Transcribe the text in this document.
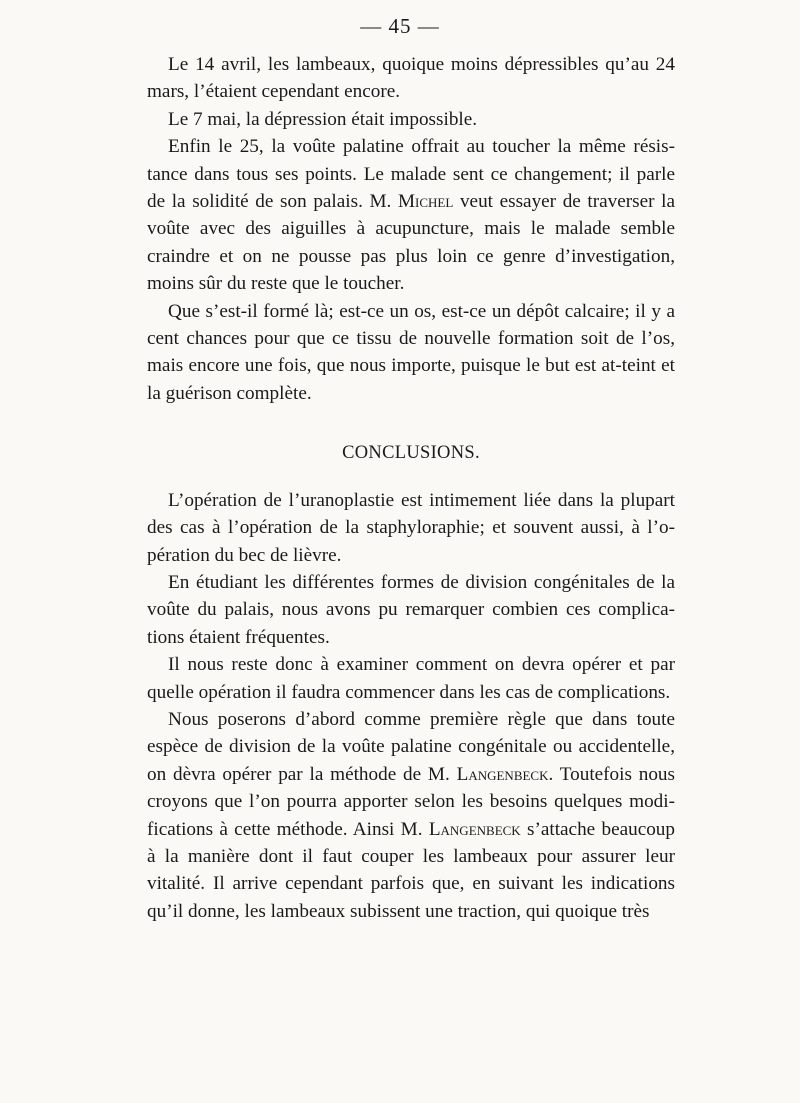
— 45 —

Le 14 avril, les lambeaux, quoique moins dépressibles qu’au 24 mars, l’étaient cependant encore.

Le 7 mai, la dépression était impossible.

Enfin le 25, la voûte palatine offrait au toucher la même résis-tance dans tous ses points. Le malade sent ce changement; il parle de la solidité de son palais. M. Michel veut essayer de traverser la voûte avec des aiguilles à acupuncture, mais le malade semble craindre et on ne pousse pas plus loin ce genre d’investigation, moins sûr du reste que le toucher.

Que s’est-il formé là; est-ce un os, est-ce un dépôt calcaire; il y a cent chances pour que ce tissu de nouvelle formation soit de l’os, mais encore une fois, que nous importe, puisque le but est at-teint et la guérison complète.

CONCLUSIONS.

L’opération de l’uranoplastie est intimement liée dans la plupart des cas à l’opération de la staphyloraphie; et souvent aussi, à l’o-pération du bec de lièvre.

En étudiant les différentes formes de division congénitales de la voûte du palais, nous avons pu remarquer combien ces complica-tions étaient fréquentes.

Il nous reste donc à examiner comment on devra opérer et par quelle opération il faudra commencer dans les cas de complications.

Nous poserons d’abord comme première règle que dans toute espèce de division de la voûte palatine congénitale ou accidentelle, on dèvra opérer par la méthode de M. Langenbeck. Toutefois nous croyons que l’on pourra apporter selon les besoins quelques modi-fications à cette méthode. Ainsi M. Langenbeck s’attache beaucoup à la manière dont il faut couper les lambeaux pour assurer leur vitalité. Il arrive cependant parfois que, en suivant les indications qu’il donne, les lambeaux subissent une traction, qui quoique très
